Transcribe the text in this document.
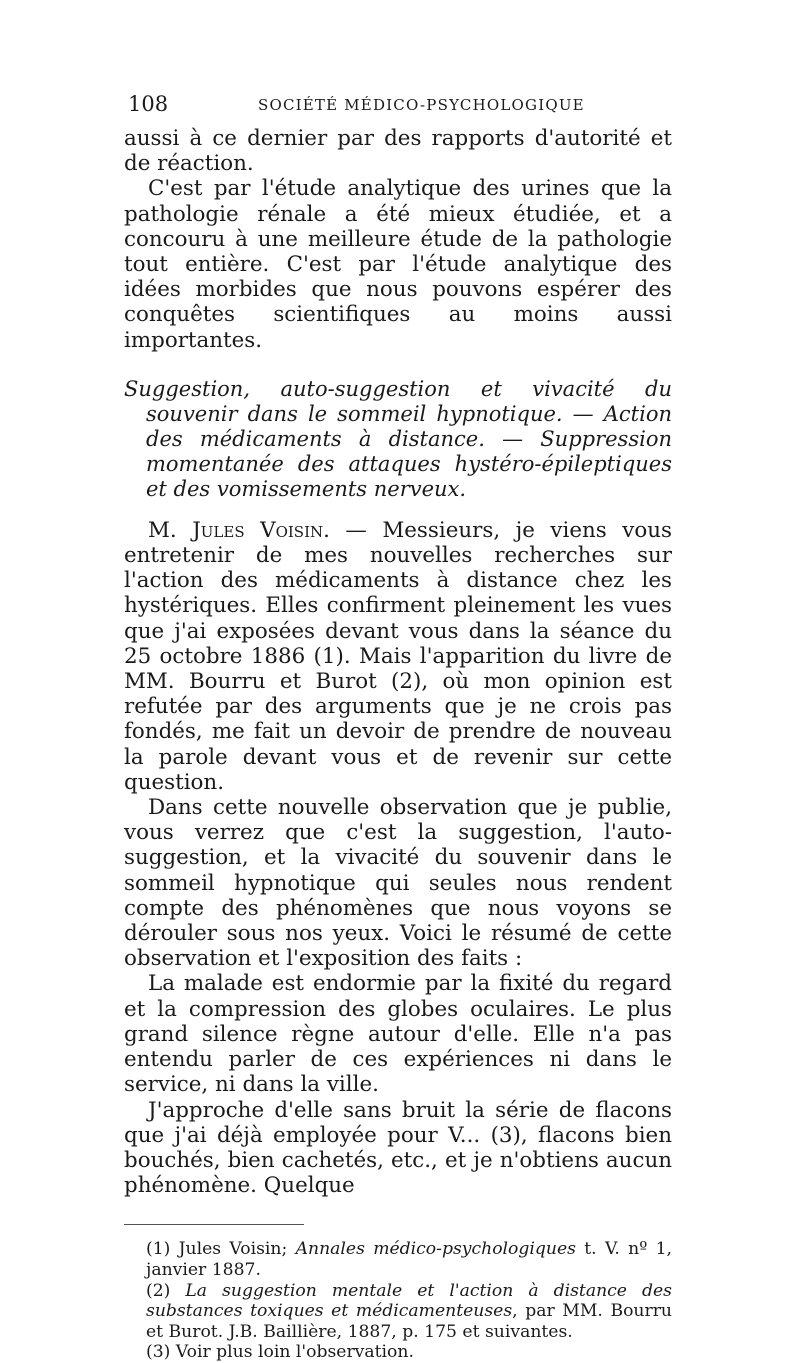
108	SOCIÉTÉ MÉDICO-PSYCHOLOGIQUE

aussi à ce dernier par des rapports d'autorité et de réaction.

C'est par l'étude analytique des urines que la pathologie rénale a été mieux étudiée, et a concouru à une meilleure étude de la pathologie tout entière. C'est par l'étude analytique des idées morbides que nous pouvons espérer des conquêtes scientifiques au moins aussi importantes.

Suggestion, auto-suggestion et vivacité du souvenir dans le sommeil hypnotique. — Action des médicaments à distance. — Suppression momentanée des attaques hystéro-épileptiques et des vomissements nerveux.

M. Jules Voisin. — Messieurs, je viens vous entretenir de mes nouvelles recherches sur l'action des médicaments à distance chez les hystériques. Elles confirment pleinement les vues que j'ai exposées devant vous dans la séance du 25 octobre 1886 (1). Mais l'apparition du livre de MM. Bourru et Burot (2), où mon opinion est refutée par des arguments que je ne crois pas fondés, me fait un devoir de prendre de nouveau la parole devant vous et de revenir sur cette question.

Dans cette nouvelle observation que je publie, vous verrez que c'est la suggestion, l'auto-suggestion, et la vivacité du souvenir dans le sommeil hypnotique qui seules nous rendent compte des phénomènes que nous voyons se dérouler sous nos yeux. Voici le résumé de cette observation et l'exposition des faits :

La malade est endormie par la fixité du regard et la compression des globes oculaires. Le plus grand silence règne autour d'elle. Elle n'a pas entendu parler de ces expériences ni dans le service, ni dans la ville.

J'approche d'elle sans bruit la série de flacons que j'ai déjà employée pour V... (3), flacons bien bouchés, bien cachetés, etc., et je n'obtiens aucun phénomène. Quelque

(1) Jules Voisin; Annales médico-psychologiques t. V. nº 1, janvier 1887.

(2) La suggestion mentale et l'action à distance des substances toxiques et médicamenteuses, par MM. Bourru et Burot. J.B. Baillière, 1887, p. 175 et suivantes.

(3) Voir plus loin l'observation.
